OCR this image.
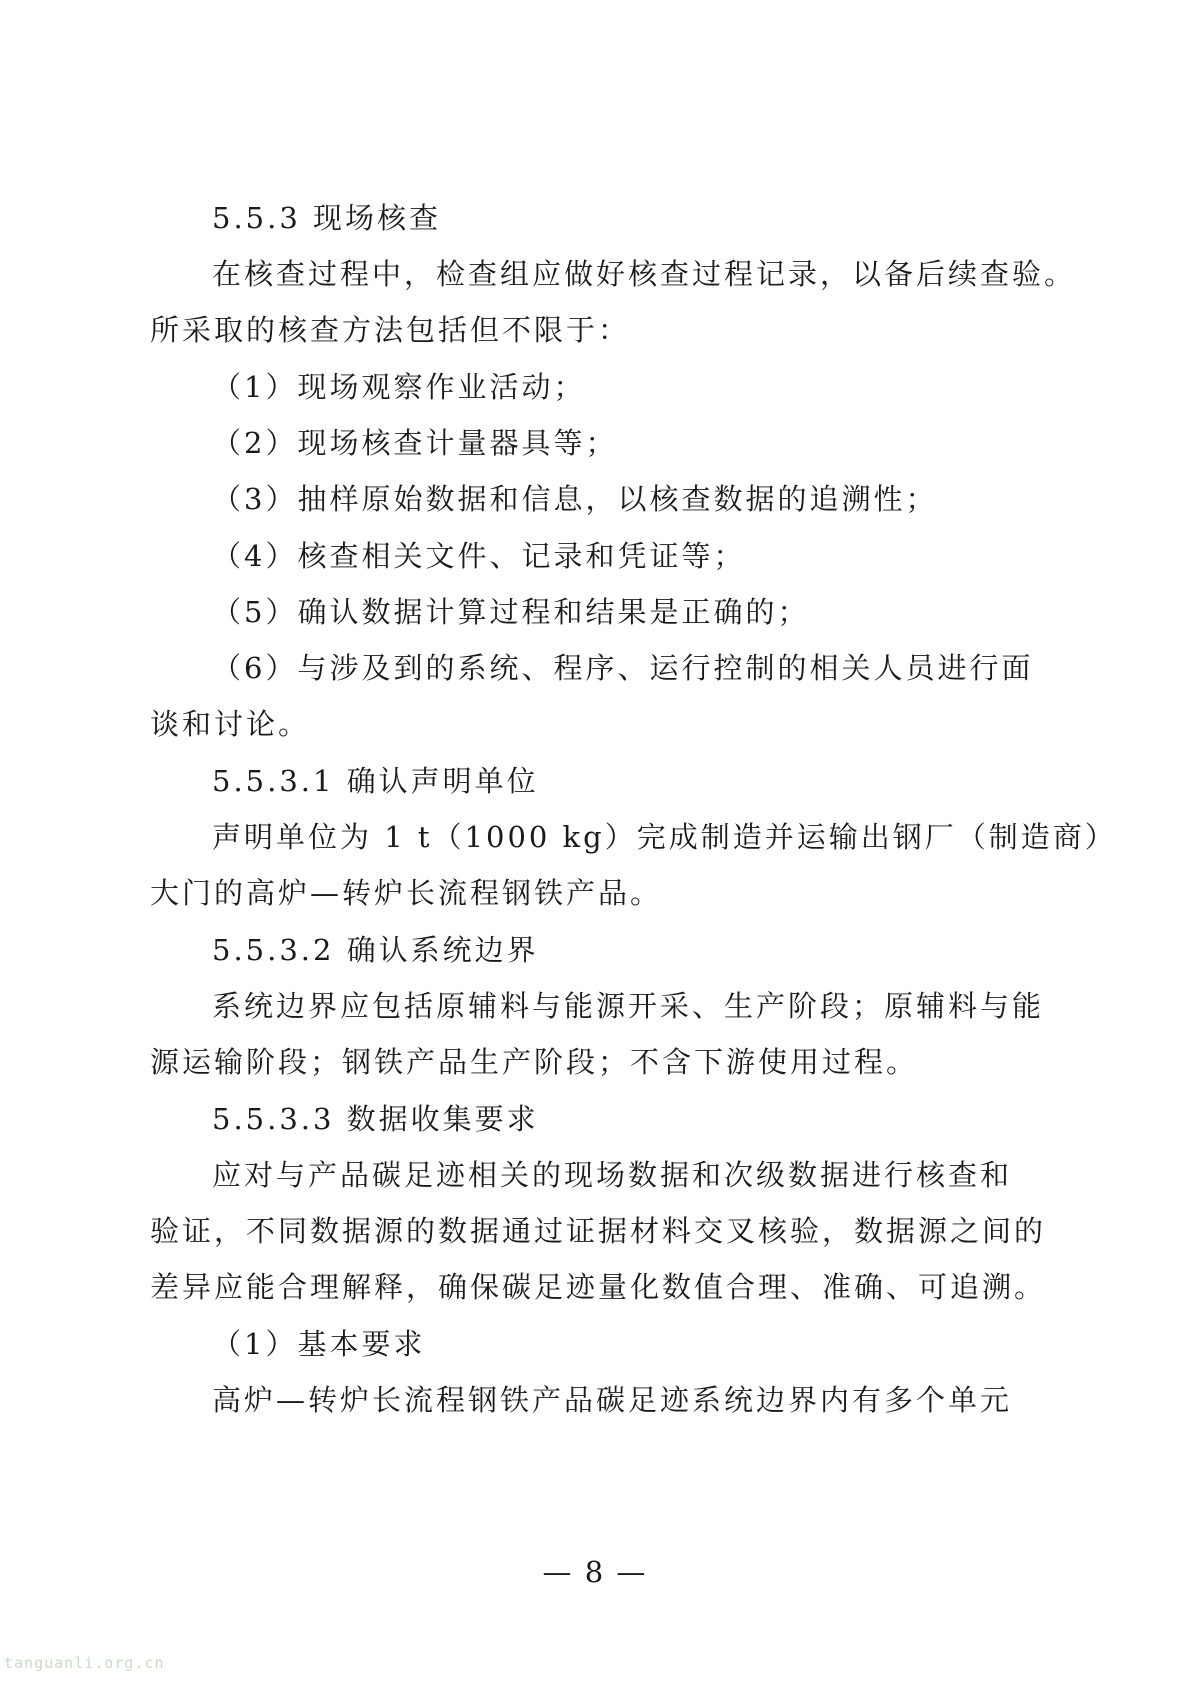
5.5.3 现场核查
在核查过程中，检查组应做好核查过程记录，以备后续查验。
所采取的核查方法包括但不限于：
（1）现场观察作业活动；
（2）现场核查计量器具等；
（3）抽样原始数据和信息，以核查数据的追溯性；
（4）核查相关文件、记录和凭证等；
（5）确认数据计算过程和结果是正确的；
（6）与涉及到的系统、程序、运行控制的相关人员进行面
谈和讨论。
5.5.3.1 确认声明单位
声明单位为 1 t（1000 kg）完成制造并运输出钢厂（制造商）
大门的高炉—转炉长流程钢铁产品。
5.5.3.2 确认系统边界
系统边界应包括原辅料与能源开采、生产阶段；原辅料与能
源运输阶段；钢铁产品生产阶段；不含下游使用过程。
5.5.3.3 数据收集要求
应对与产品碳足迹相关的现场数据和次级数据进行核查和
验证，不同数据源的数据通过证据材料交叉核验，数据源之间的
差异应能合理解释，确保碳足迹量化数值合理、准确、可追溯。
（1）基本要求
高炉—转炉长流程钢铁产品碳足迹系统边界内有多个单元
— 8 —
tanguanli.org.cn
